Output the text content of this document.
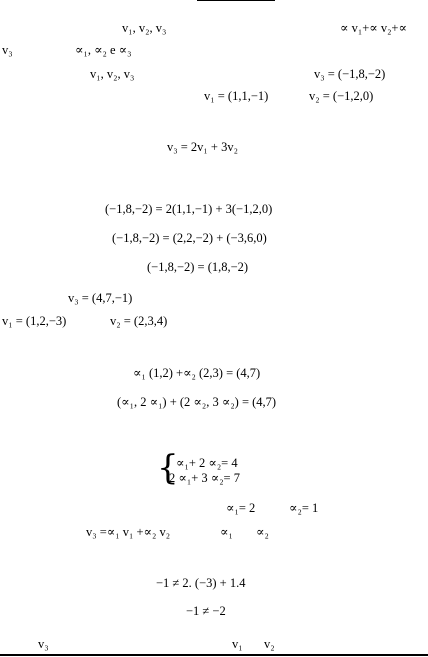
v₁, v₂, v₃	∝ v₁+∝ v₂+∝
v₃	∝₁, ∝₂ e ∝₃
v₁, v₂, v₃	v₃ = (−1,8,−2)
v₁ = (1,1,−1)	v₂ = (−1,2,0)
v₃ = 2v₁ + 3v₂
(−1,8,−2) = 2(1,1,−1) + 3(−1,2,0)
(−1,8,−2) = (2,2,−2) + (−3,6,0)
(−1,8,−2) = (1,8,−2)
v₃ = (4,7,−1)
v₁ = (1,2,−3)	v₂ = (2,3,4)
∝₁ (1,2) +∝₂ (2,3) = (4,7)
(∝₁, 2 ∝₁) + (2 ∝₂, 3 ∝₂) = (4,7)
{
∝₁+ 2 ∝₂= 4
2 ∝₁+ 3 ∝₂= 7
∝₁= 2	∝₂= 1
v₃ =∝₁ v₁ +∝₂ v₂	∝₁ ∝₂
−1 ≠ 2. (−3) + 1.4
−1 ≠ −2
v₃	v₁ v₂
